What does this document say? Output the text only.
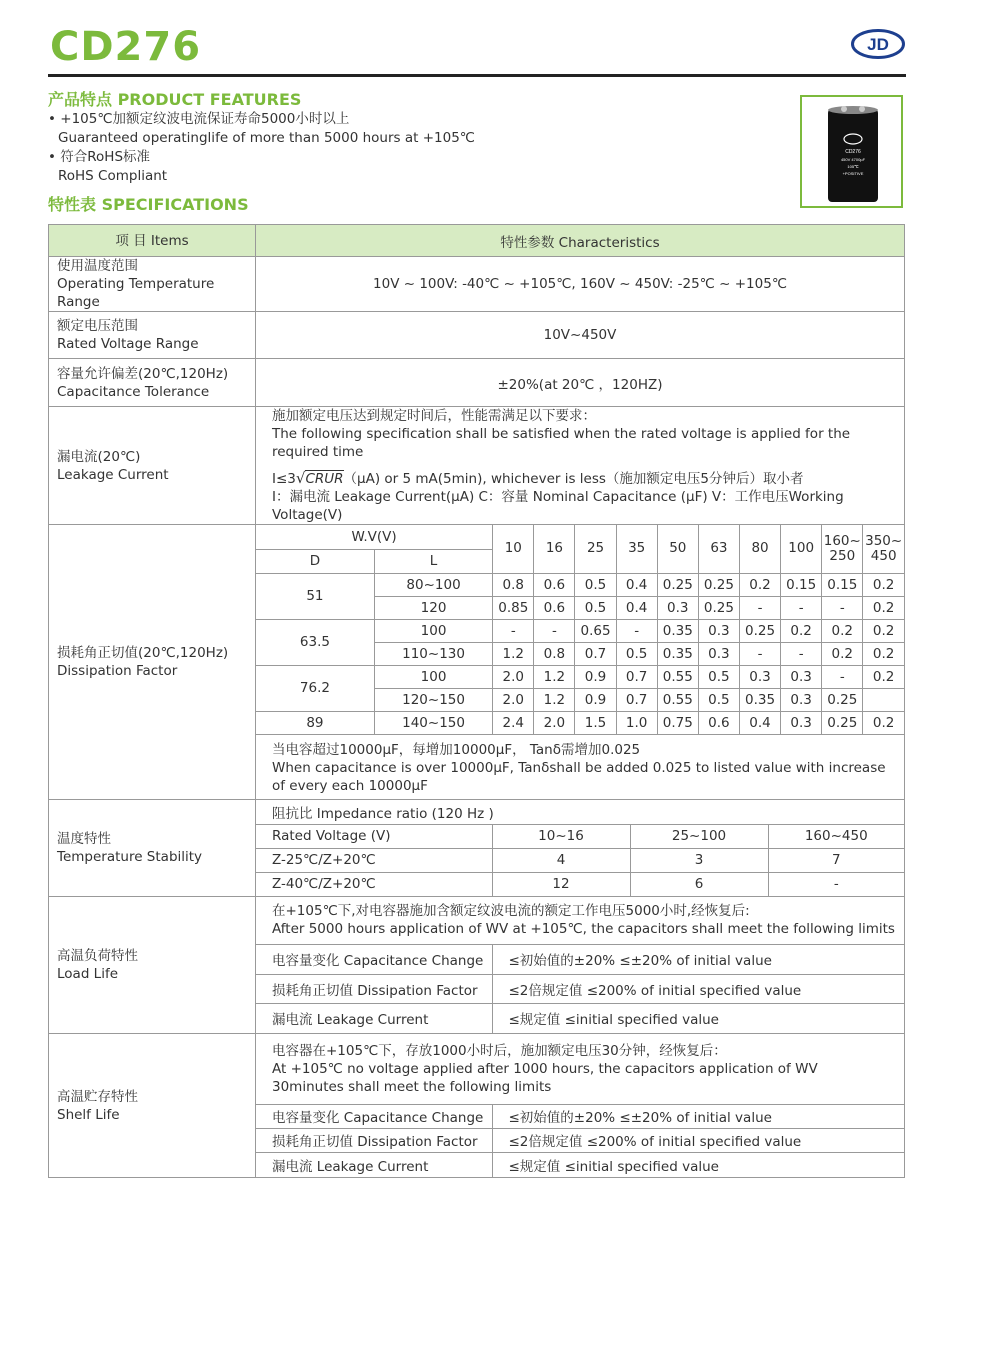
CD276	JD
产品特点 PRODUCT FEATURES
• +105℃加额定纹波电流保证寿命5000小时以上
Guaranteed operatinglife of more than 5000 hours at +105℃
• 符合RoHS标准
RoHS Compliant
CD276
450V 4700µF
105℃
+POSITIVE
特性表 SPECIFICATIONS
项 目 Items	特性参数 Characteristics

使用温度范围
Operating Temperature Range
	10V ~ 100V: -40℃ ~ +105℃, 160V ~ 450V: -25℃ ~ +105℃

额定电压范围
Rated Voltage Range
	10V~450V

容量允许偏差(20℃,120Hz)
Capacitance Tolerance	±20%(at 20℃ ，120HZ)

漏电流(20℃)
Leakage Current

施加额定电压达到规定时间后，性能需满足以下要求：
The following specification shall be satisfied when the rated voltage is applied for the required time
I≤3√CRUR（μA) or 5 mA(5min), whichever is less（施加额定电压5分钟后）取小者
I：漏电流 Leakage Current(μA) C：容量 Nominal Capacitance (μF) V：工作电压Working Voltage(V)

损耗角正切值(20℃,120Hz)
Dissipation Factor

W.V(V)	10	16	25	35	50	63	80	100	160~
250	350~
450
D	L
51	80~100	0.8	0.6	0.5	0.4	0.25	0.25	0.2	0.15	0.15	0.2
120	0.85	0.6	0.5	0.4	0.3	0.25	-	-	-	0.2
63.5	100	-	-	0.65	-	0.35	0.3	0.25	0.2	0.2	0.2
110~130	1.2	0.8	0.7	0.5	0.35	0.3	-	-	0.2	0.2
76.2	100	2.0	1.2	0.9	0.7	0.55	0.5	0.3	0.3	-	0.2
120~150	2.0	1.2	0.9	0.7	0.55	0.5	0.35	0.3	0.25	
89	140~150	2.4	2.0	1.5	1.0	0.75	0.6	0.4	0.3	0.25	0.2
当电容超过10000μF，每增加10000μF， Tanδ需增加0.025
When capacitance is over 10000μF, Tanδshall be added 0.025 to listed value with increase of every each 10000μF

温度特性
Temperature Stability

阻抗比 Impedance ratio (120 Hz )
Rated Voltage (V)	10~16	25~100	160~450
Z-25℃/Z+20℃	4	3	7
Z-40℃/Z+20℃	12	6	-

高温负荷特性
Load Life

在+105℃下,对电容器施加含额定纹波电流的额定工作电压5000小时,经恢复后:
After 5000 hours application of WV at +105℃, the capacitors shall meet the following limits

电容量变化 Capacitance Change	≤初始值的±20% ≤±20% of initial value
损耗角正切值 Dissipation Factor	≤2倍规定值 ≤200% of initial specified value
漏电流 Leakage Current	≤规定值 ≤initial specified value

高温贮存特性
Shelf Life

电容器在+105℃下，存放1000小时后，施加额定电压30分钟，经恢复后：
At +105℃ no voltage applied after 1000 hours, the capacitors application of WV 30minutes shall meet the following limits

电容量变化 Capacitance Change	≤初始值的±20% ≤±20% of initial value
损耗角正切值 Dissipation Factor	≤2倍规定值 ≤200% of initial specified value
漏电流 Leakage Current	≤规定值 ≤initial specified value
